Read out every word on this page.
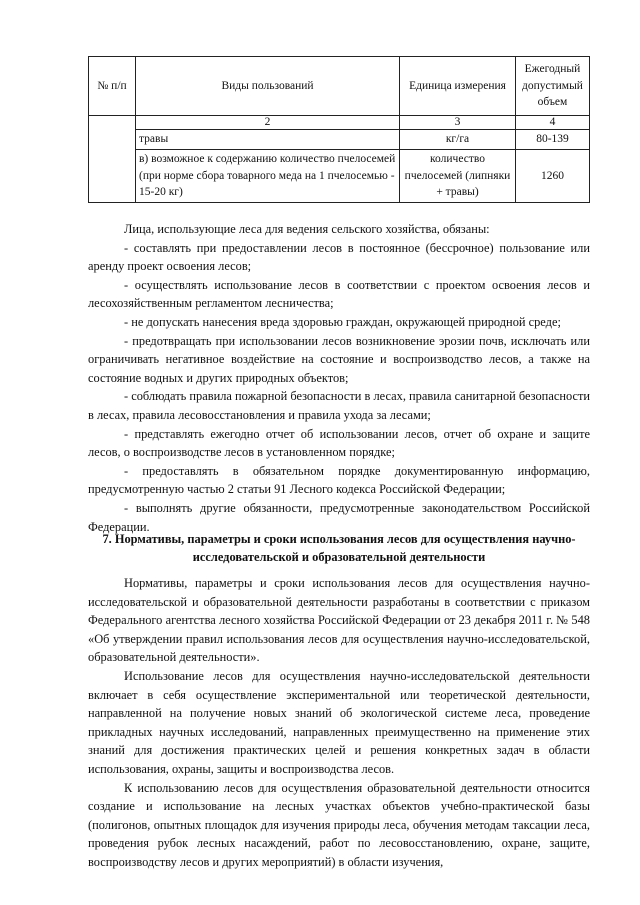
№ п/п	Виды пользований	Единица измерения	Ежегодный допустимый объем
	2	3	4
	травы	кг/га	80-139
	в) возможное к содержанию количество пчелосемей (при норме сбора товарного меда на 1 пчелосемью - 15-20 кг)	количество пчелосемей (липняки + травы)	1260

Лица, использующие леса для ведения сельского хозяйства, обязаны:

- составлять при предоставлении лесов в постоянное (бессрочное) пользование или аренду проект освоения лесов;

- осуществлять использование лесов в соответствии с проектом освоения лесов и лесохозяйственным регламентом лесничества;

- не допускать нанесения вреда здоровью граждан, окружающей природной среде;

- предотвращать при использовании лесов возникновение эрозии почв, исключать или ограничивать негативное воздействие на состояние и воспроизводство лесов, а также на состояние водных и других природных объектов;

- соблюдать правила пожарной безопасности в лесах, правила санитарной безопасности в лесах, правила лесовосстановления и правила ухода за лесами;

- представлять ежегодно отчет об использовании лесов, отчет об охране и защите лесов, о воспроизводстве лесов в установленном порядке;

- предоставлять в обязательном порядке документированную информацию, предусмотренную частью 2 статьи 91 Лесного кодекса Российской Федерации;

- выполнять другие обязанности, предусмотренные законодательством Российской Федерации.

7. Нормативы, параметры и сроки использования лесов для осуществления научно-исследовательской и образовательной деятельности

Нормативы, параметры и сроки использования лесов для осуществления научно-исследовательской и образовательной деятельности разработаны в соответствии с приказом Федерального агентства лесного хозяйства Российской Федерации от 23 декабря 2011 г. № 548 «Об утверждении правил использования лесов для осуществления научно-исследовательской, образовательной деятельности».

Использование лесов для осуществления научно-исследовательской деятельности включает в себя осуществление экспериментальной или теоретической деятельности, направленной на получение новых знаний об экологической системе леса, проведение прикладных научных исследований, направленных преимущественно на применение этих знаний для достижения практических целей и решения конкретных задач в области использования, охраны, защиты и воспроизводства лесов.

К использованию лесов для осуществления образовательной деятельности относится создание и использование на лесных участках объектов учебно-практической базы (полигонов, опытных площадок для изучения природы леса, обучения методам таксации леса, проведения рубок лесных насаждений, работ по лесовосстановлению, охране, защите, воспроизводству лесов и других мероприятий) в области изучения,
